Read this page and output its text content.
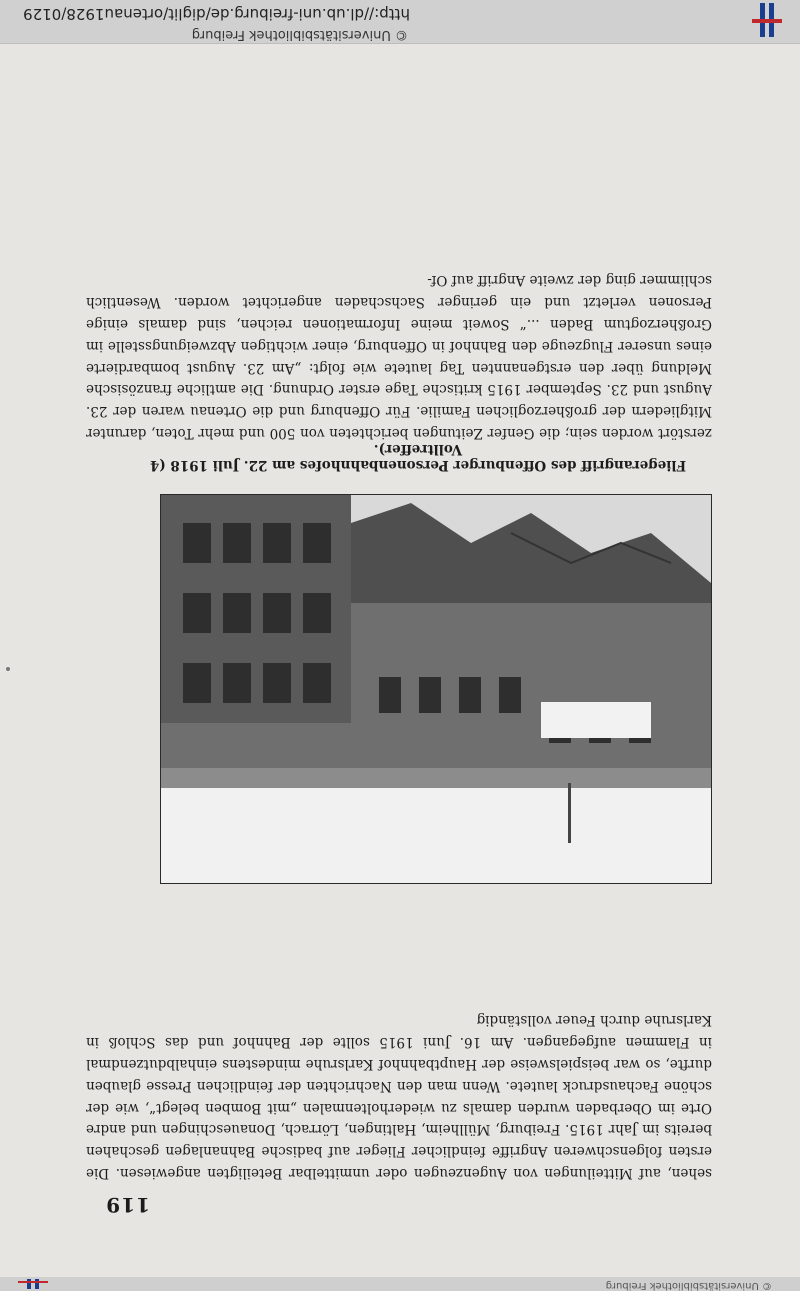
© Universitätsbibliothek Freiburg
119

sehen, auf Mitteilungen von Augenzeugen oder unmittelbar Beteiligten angewiesen. Die ersten folgenschweren Angriffe feindlicher Flieger auf badische Bahnanlagen geschahen bereits im Jahr 1915. Freiburg, Müllheim, Haltingen, Lörrach, Donaueschingen und andre Orte im Oberbaden wurden damals zu wiederholtenmalen „mit Bomben belegt“, wie der schöne Fachausdruck lautete. Wenn man den Nachrichten der feindlichen Presse glauben durfte, so war beispielsweise der Hauptbahnhof Karlsruhe mindestens einhalbdutzendmal in Flammen aufgegangen. Am 16. Juni 1915 sollte der Bahnhof und das Schloß in Karlsruhe durch Feuer vollständig

Fliegerangriff des Offenburger Personenbahnhofes am 22. Juli 1918 (4 Volltreffer).

zerstört worden sein; die Genfer Zeitungen berichteten von 500 und mehr Toten, darunter Mitgliedern der großherzoglichen Familie. Für Offenburg und die Ortenau waren der 23. August und 23. September 1915 kritische Tage erster Ordnung. Die amtliche französische Meldung über den erstgenannten Tag lautete wie folgt: „Am 23. August bombardierte eines unserer Flugzeuge den Bahnhof in Offenburg, einer wichtigen Abzweigungsstelle im Großherzogtum Baden ...“ Soweit meine Informationen reichen, sind damals einige Personen verletzt und ein geringer Sachschaden angerichtet worden. Wesentlich schlimmer ging der zweite Angriff auf Of-

© Universitätsbibliothek Freiburg
http://dl.ub.uni-freiburg.de/diglit/ortenau1928/0129
